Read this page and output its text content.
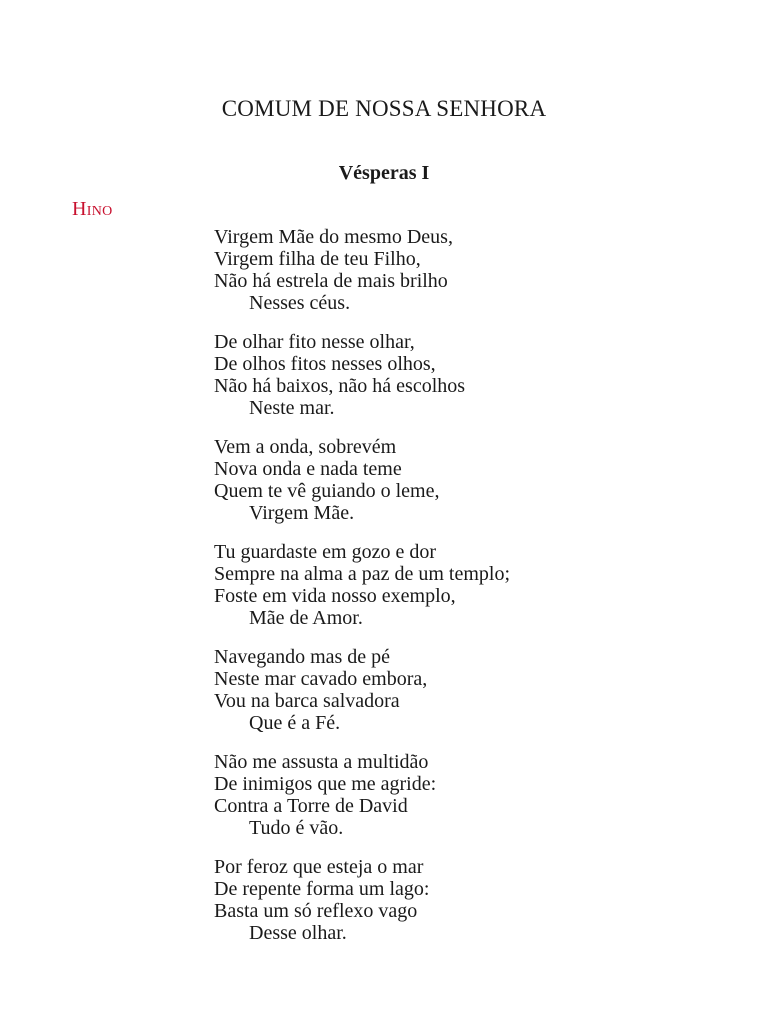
COMUM DE NOSSA SENHORA
Vésperas I
Hino
Virgem Mãe do mesmo Deus,
Virgem filha de teu Filho,
Não há estrela de mais brilho
Nesses céus.
De olhar fito nesse olhar,
De olhos fitos nesses olhos,
Não há baixos, não há escolhos
Neste mar.
Vem a onda, sobrevém
Nova onda e nada teme
Quem te vê guiando o leme,
Virgem Mãe.
Tu guardaste em gozo e dor
Sempre na alma a paz de um templo;
Foste em vida nosso exemplo,
Mãe de Amor.
Navegando mas de pé
Neste mar cavado embora,
Vou na barca salvadora
Que é a Fé.
Não me assusta a multidão
De inimigos que me agride:
Contra a Torre de David
Tudo é vão.
Por feroz que esteja o mar
De repente forma um lago:
Basta um só reflexo vago
Desse olhar.
